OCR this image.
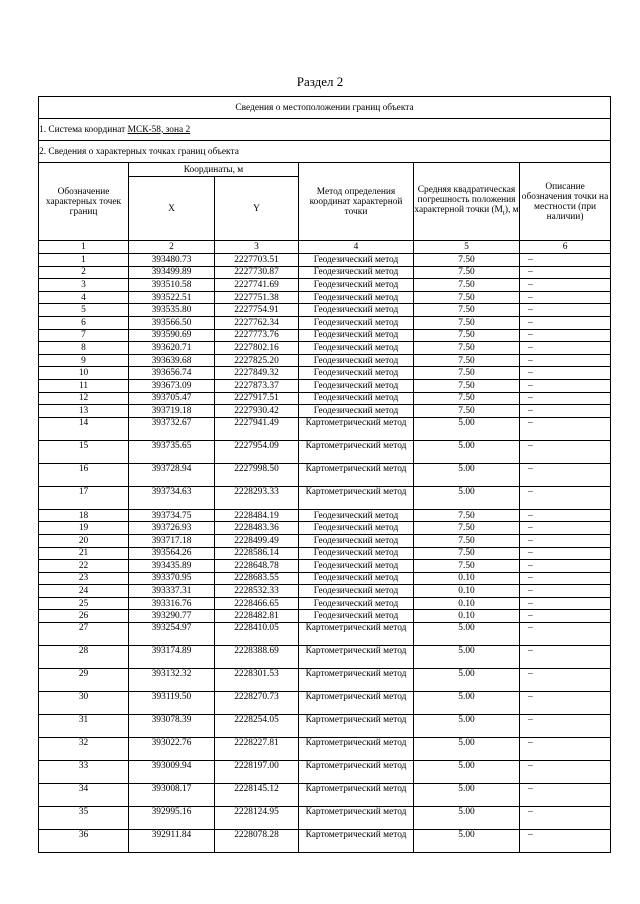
Раздел 2
Сведения о местоположении границ объекта					
1. Система координат МСК-58, зона 2					
2. Сведения о характерных точках границ объекта					
Обозначение характерных точек границ	Координаты, м		Метод определения координат характерной точки	Средняя квадратическая погрешность положения характерной точки $(M_t)$, м	Описание обозначения точки на местности (при наличии)
	X	Y			
1	2	3	4	5	6
1	393480.73	2227703.51	Геодезический метод	7.50	–
2	393499.89	2227730.87	Геодезический метод	7.50	–
3	393510.58	2227741.69	Геодезический метод	7.50	–
4	393522.51	2227751.38	Геодезический метод	7.50	–
5	393535.80	2227754.91	Геодезический метод	7.50	–
6	393566.50	2227762.34	Геодезический метод	7.50	–
7	393590.69	2227773.76	Геодезический метод	7.50	–
8	393620.71	2227802.16	Геодезический метод	7.50	–
9	393639.68	2227825.20	Геодезический метод	7.50	–
10	393656.74	2227849.32	Геодезический метод	7.50	–
11	393673.09	2227873.37	Геодезический метод	7.50	–
12	393705.47	2227917.51	Геодезический метод	7.50	–
13	393719.18	2227930.42	Геодезический метод	7.50	–
14	393732.67	2227941.49	Картометрический метод	5.00	–
15	393735.65	2227954.09	Картометрический метод	5.00	–
16	393728.94	2227998.50	Картометрический метод	5.00	–
17	393734.63	2228293.33	Картометрический метод	5.00	–
18	393734.75	2228484.19	Геодезический метод	7.50	–
19	393726.93	2228483.36	Геодезический метод	7.50	–
20	393717.18	2228499.49	Геодезический метод	7.50	–
21	393564.26	2228586.14	Геодезический метод	7.50	–
22	393435.89	2228648.78	Геодезический метод	7.50	–
23	393370.95	2228683.55	Геодезический метод	0.10	–
24	393337.31	2228532.33	Геодезический метод	0.10	–
25	393316.76	2228466.65	Геодезический метод	0.10	–
26	393290.77	2228482.81	Геодезический метод	0.10	–
27	393254.97	2228410.05	Картометрический метод	5.00	–
28	393174.89	2228388.69	Картометрический метод	5.00	–
29	393132.32	2228301.53	Картометрический метод	5.00	–
30	393119.50	2228270.73	Картометрический метод	5.00	–
31	393078.39	2228254.05	Картометрический метод	5.00	–
32	393022.76	2228227.81	Картометрический метод	5.00	–
33	393009.94	2228197.00	Картометрический метод	5.00	–
34	393008.17	2228145.12	Картометрический метод	5.00	–
35	392995.16	2228124.95	Картометрический метод	5.00	–
36	392911.84	2228078.28	Картометрический метод	5.00	–
